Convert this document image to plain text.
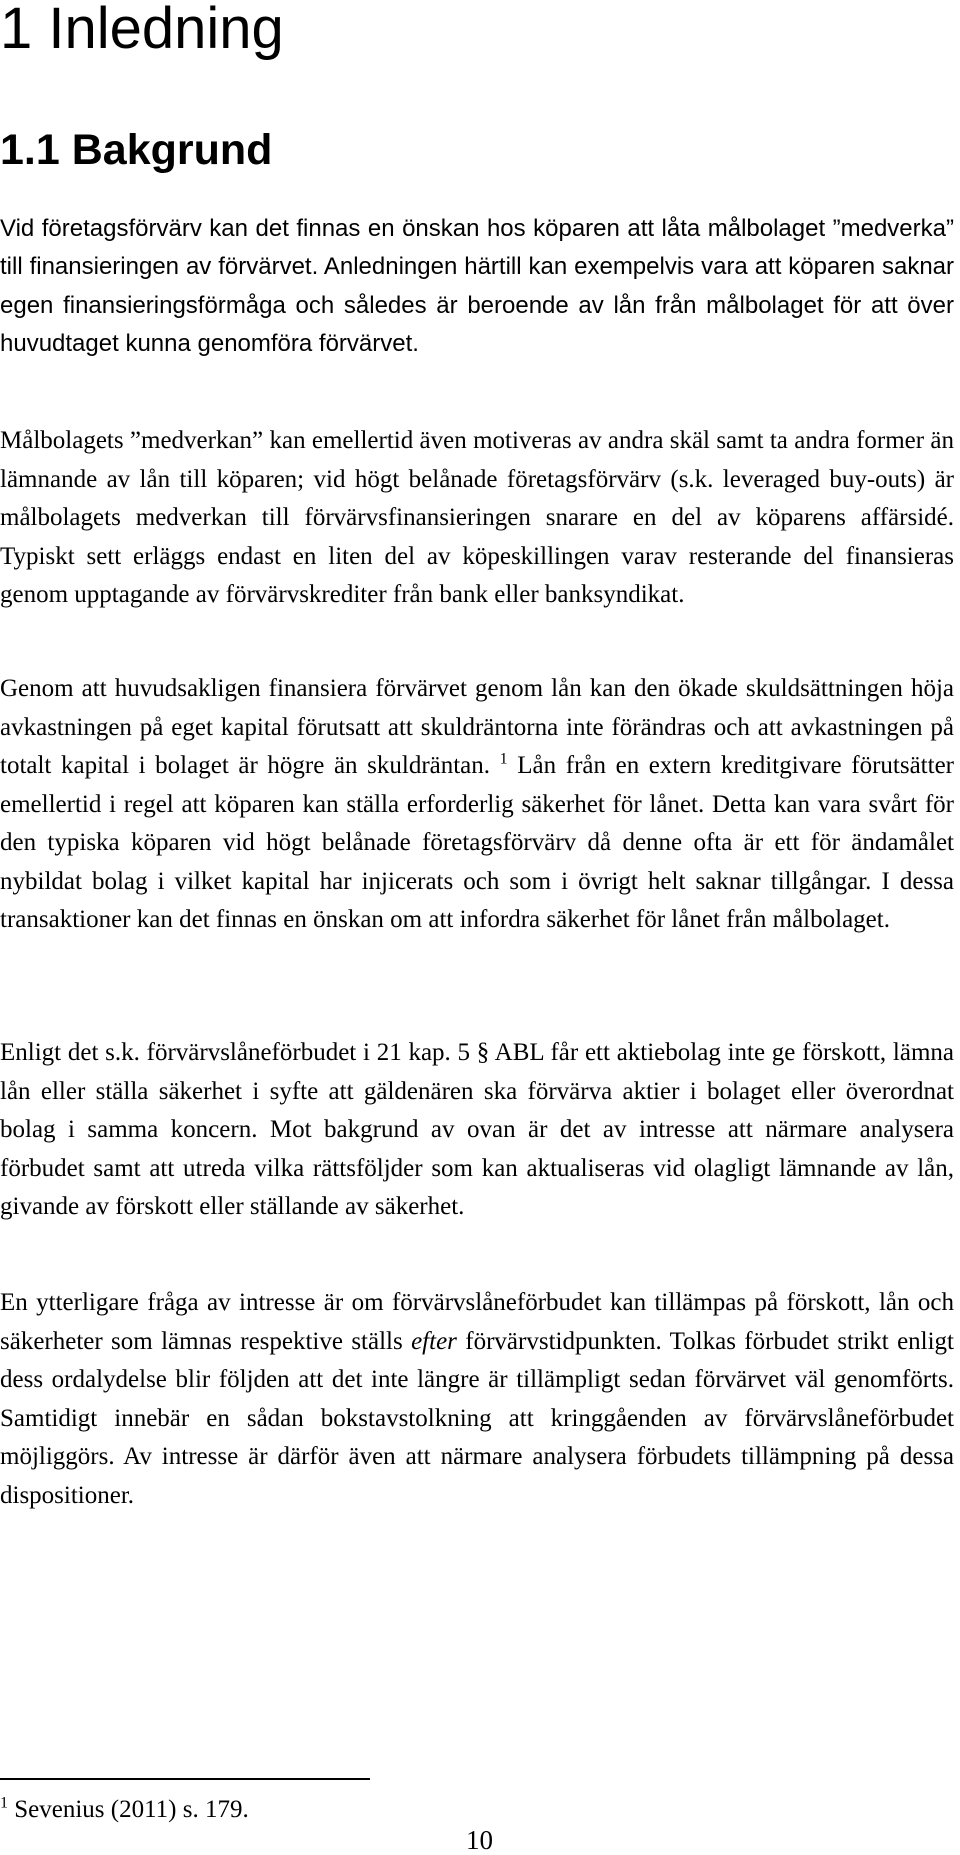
1 Inledning
1.1 Bakgrund

Vid företagsförvärv kan det finnas en önskan hos köparen att låta målbolaget ”medverka” till finansieringen av förvärvet. Anledningen härtill kan exempelvis vara att köparen saknar egen finansieringsförmåga och således är beroende av lån från målbolaget för att över huvudtaget kunna genomföra förvärvet.

Målbolagets ”medverkan” kan emellertid även motiveras av andra skäl samt ta andra former än lämnande av lån till köparen; vid högt belånade företagsförvärv (s.k. leveraged buy-outs) är målbolagets medverkan till förvärvsfinansieringen snarare en del av köparens affärsidé. Typiskt sett erläggs endast en liten del av köpeskillingen varav resterande del finansieras genom upptagande av förvärvskrediter från bank eller banksyndikat.

Genom att huvudsakligen finansiera förvärvet genom lån kan den ökade skuldsättningen höja avkastningen på eget kapital förutsatt att skuldräntorna inte förändras och att avkastningen på totalt kapital i bolaget är högre än skuldräntan. $^1$ Lån från en extern kreditgivare förutsätter emellertid i regel att köparen kan ställa erforderlig säkerhet för lånet. Detta kan vara svårt för den typiska köparen vid högt belånade företagsförvärv då denne ofta är ett för ändamålet nybildat bolag i vilket kapital har injicerats och som i övrigt helt saknar tillgångar. I dessa transaktioner kan det finnas en önskan om att infordra säkerhet för lånet från målbolaget.

Enligt det s.k. förvärvslåneförbudet i 21 kap. 5 § ABL får ett aktiebolag inte ge förskott, lämna lån eller ställa säkerhet i syfte att gäldenären ska förvärva aktier i bolaget eller överordnat bolag i samma koncern. Mot bakgrund av ovan är det av intresse att närmare analysera förbudet samt att utreda vilka rättsföljder som kan aktualiseras vid olagligt lämnande av lån, givande av förskott eller ställande av säkerhet.

En ytterligare fråga av intresse är om förvärvslåneförbudet kan tillämpas på förskott, lån och säkerheter som lämnas respektive ställs efter förvärvstidpunkten. Tolkas förbudet strikt enligt dess ordalydelse blir följden att det inte längre är tillämpligt sedan förvärvet väl genomförts. Samtidigt innebär en sådan bokstavstolkning att kringgåenden av förvärvslåneförbudet möjliggörs. Av intresse är därför även att närmare analysera förbudets tillämpning på dessa dispositioner.

$^1$ Sevenius (2011) s. 179.
10
